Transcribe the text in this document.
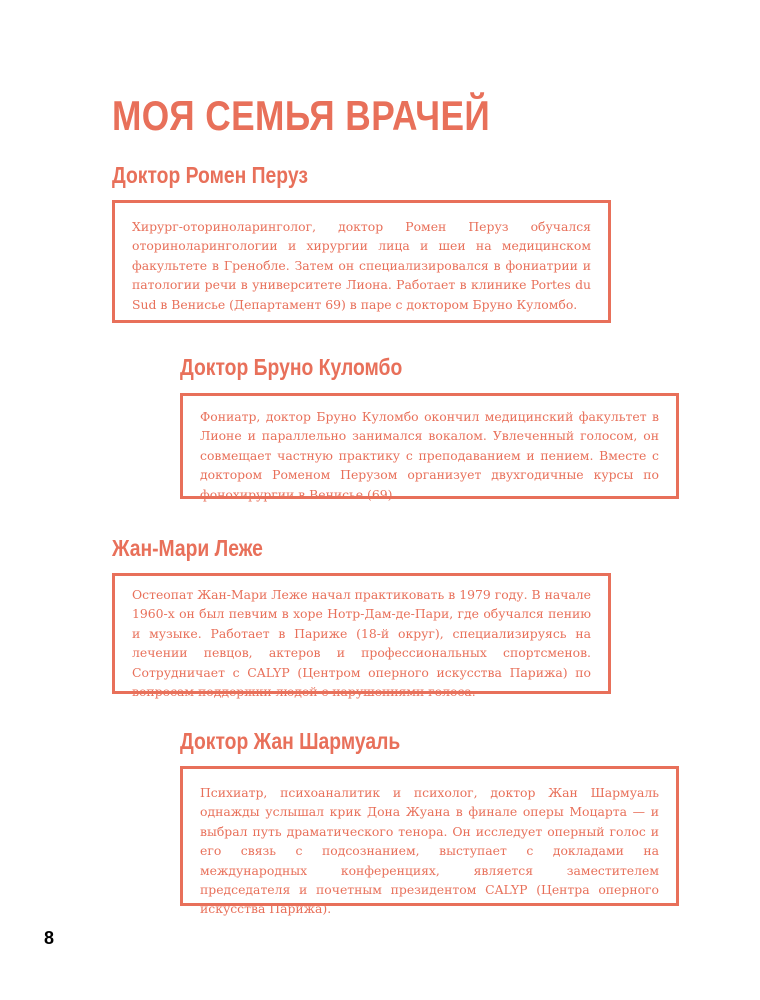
МОЯ СЕМЬЯ ВРАЧЕЙ
Доктор Ромен Перуз

Хирург-оториноларинголог, доктор Ромен Перуз обучался оториноларингологии и хирургии лица и шеи на медицинском факультете в Гренобле. Затем он специализировался в фониатрии и патологии речи в университете Лиона. Работает в клинике Portes du Sud в Венисье (Департамент 69) в паре с доктором Бруно Куломбо.

Доктор Бруно Куломбо

Фониатр, доктор Бруно Куломбо окончил медицинский факультет в Лионе и параллельно занимался вокалом. Увлеченный голосом, он совмещает частную практику с преподаванием и пением. Вместе с доктором Роменом Перузом организует двухгодичные курсы по фонохирургии в Венисье (69).

Жан-Мари Леже

Остеопат Жан-Мари Леже начал практиковать в 1979 году. В начале 1960-х он был певчим в хоре Нотр-Дам-де-Пари, где обучался пению и музыке. Работает в Париже (18-й округ), специализируясь на лечении певцов, актеров и профессиональных спортсменов. Сотрудничает с CALYP (Центром оперного искусства Парижа) по вопросам поддержки людей с нарушениями голоса.

Доктор Жан Шармуаль

Психиатр, психоаналитик и психолог, доктор Жан Шармуаль однажды услышал крик Дона Жуана в финале оперы Моцарта — и выбрал путь драматического тенора. Он исследует оперный голос и его связь с подсознанием, выступает с докладами на международных конференциях, является заместителем председателя и почетным президентом CALYP (Центра оперного искусства Парижа).

8
